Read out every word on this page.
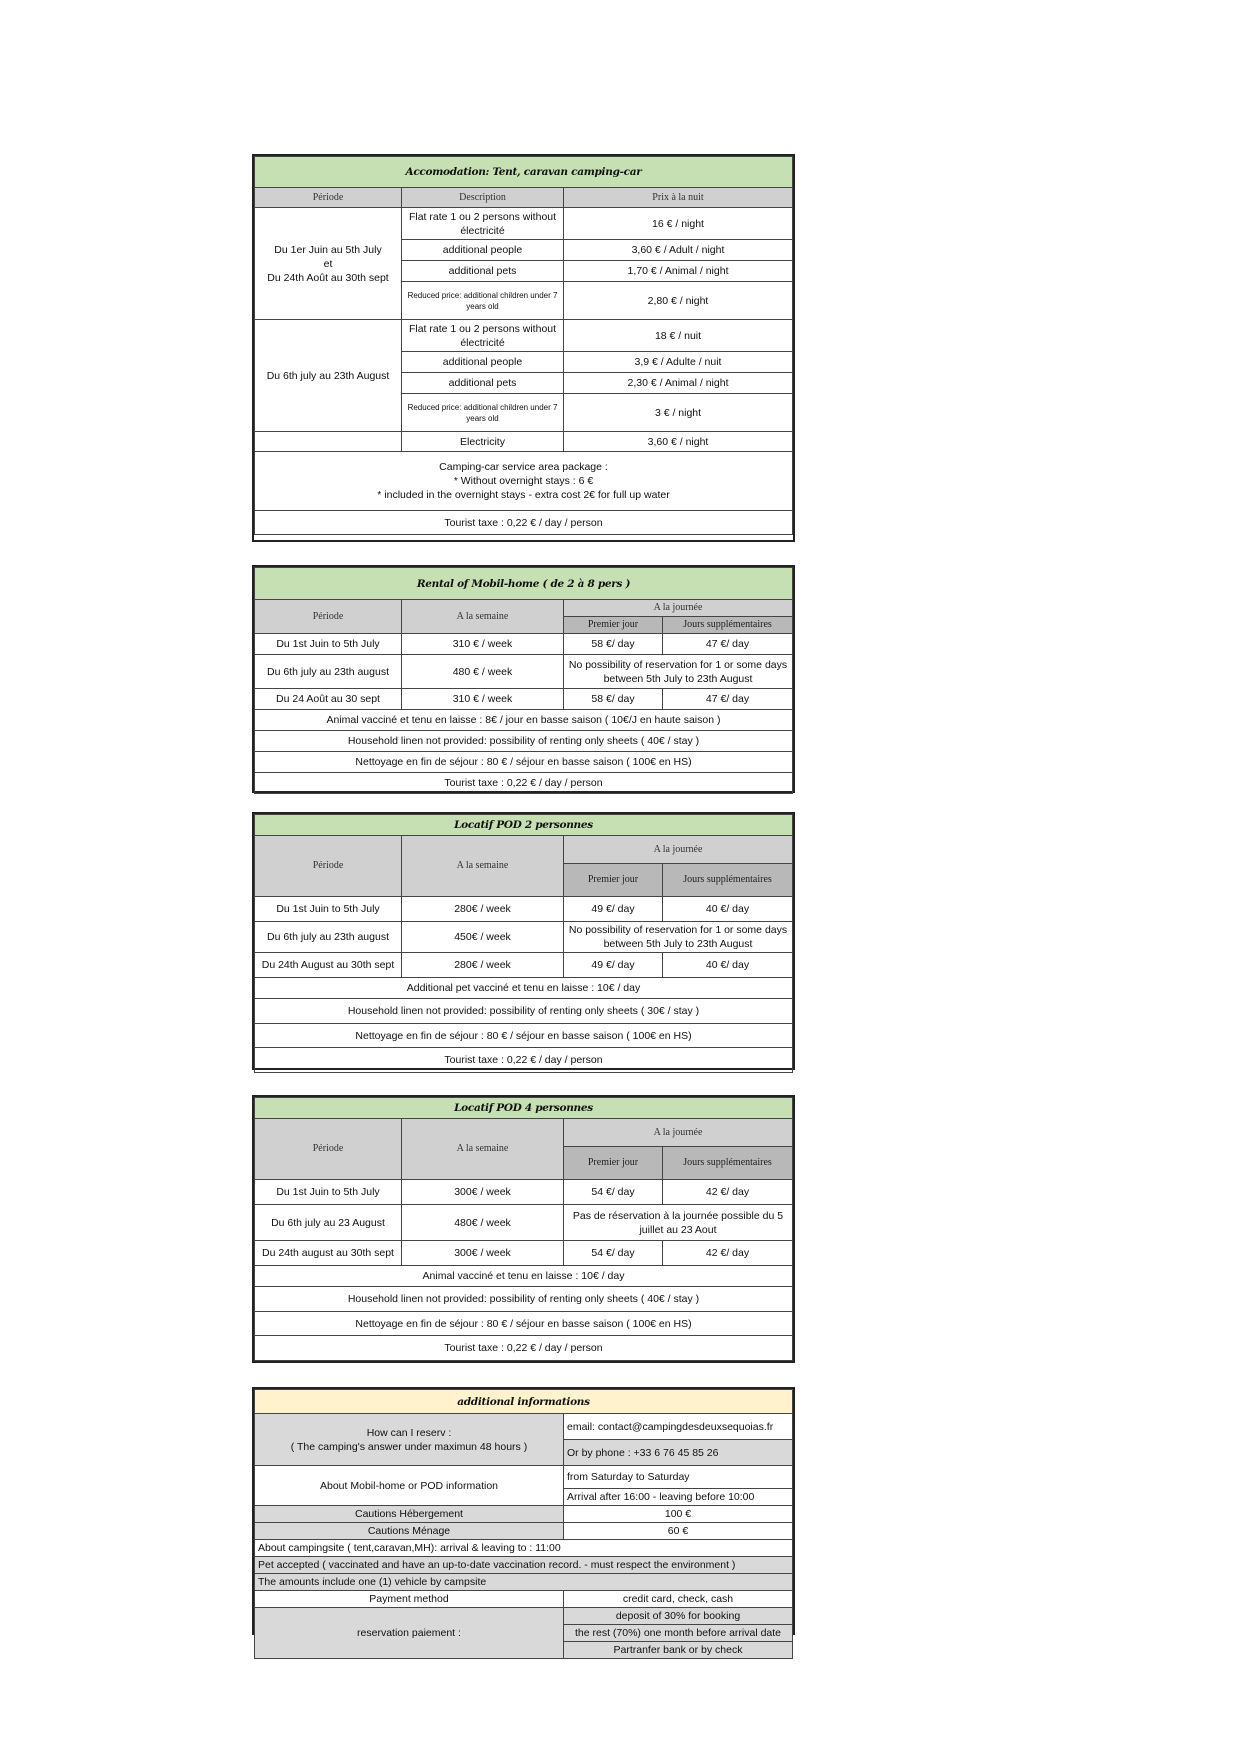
Accomodation: Tent, caravan camping-car		
Période	Description	Prix à la nuit

Du 1er Juin au 5th July
et
Du 24th Août au 30th sept	Flat rate 1 ou 2 persons without électricité	16 € / night
	additional people	3,60 € / Adult / night
	additional pets	1,70 € / Animal / night
	Reduced price: additional children under 7 years old	2,80 € / night
Du 6th july au 23th August	Flat rate 1 ou 2 persons without électricité	18 € / nuit
	additional people	3,9 € / Adulte / nuit
	additional pets	2,30 € / Animal / night
	Reduced price: additional children under 7 years old	3 € / night
	Electricity	3,60 € / night

Camping-car service area package :
* Without overnight stays : 6 €
* included in the overnight stays - extra cost 2€ for full up water		

Tourist taxe : 0,22 € / day / person		
Rental of Mobil-home ( de 2 à 8 pers )			
Période	A la semaine	A la journée	
		Premier jour	Jours supplémentaires
Du 1st Juin to 5th July	310 € / week	58 €/ day	47 €/ day
Du 6th july au 23th august	480 € / week	No possibility of reservation for 1 or some days between 5th July to 23th August	
Du 24 Août au 30 sept	310 € / week	58 €/ day	47 €/ day
Animal vacciné et tenu en laisse : 8€ / jour en basse saison ( 10€/J en haute saison )			
Household linen not provided: possibility of renting only sheets ( 40€ / stay )			
Nettoyage en fin de séjour : 80 € / séjour en basse saison ( 100€ en HS)			
Tourist taxe : 0,22 € / day / person			
Locatif POD 2 personnes			
Période	A la semaine	A la journée	
		Premier jour	Jours supplémentaires
Du 1st Juin to 5th July	280€ / week	49 €/ day	40 €/ day
Du 6th july au 23th august	450€ / week	No possibility of reservation for 1 or some days between 5th July to 23th August	
Du 24th August au 30th sept	280€ / week	49 €/ day	40 €/ day
Additional pet vacciné et tenu en laisse : 10€ / day			
Household linen not provided: possibility of renting only sheets ( 30€ / stay )			
Nettoyage en fin de séjour : 80 € / séjour en basse saison ( 100€ en HS)			
Tourist taxe : 0,22 € / day / person			
Locatif POD 4 personnes			
Période	A la semaine	A la journée	
		Premier jour	Jours supplémentaires
Du 1st Juin to 5th July	300€ / week	54 €/ day	42 €/ day
Du 6th july au 23 August	480€ / week	Pas de réservation à la journée possible du 5 juillet au 23 Aout	
Du 24th august au 30th sept	300€ / week	54 €/ day	42 €/ day
Animal vacciné et tenu en laisse : 10€ / day			
Household linen not provided: possibility of renting only sheets ( 40€ / stay )			
Nettoyage en fin de séjour : 80 € / séjour en basse saison ( 100€ en HS)			
Tourist taxe : 0,22 € / day / person			
additional informations	

How can I reserv :
( The camping's answer under maximun 48 hours )	email: contact@campingdesdeuxsequoias.fr
	Or by phone : +33 6 76 45 85 26
About Mobil-home or POD information	from Saturday to Saturday
	Arrival after 16:00 - leaving before 10:00
Cautions Hébergement	100 €
Cautions Ménage	60 €
About campingsite ( tent,caravan,MH): arrival & leaving to : 11:00	
Pet accepted ( vaccinated and have an up-to-date vaccination record. - must respect the environment )	
The amounts include one (1) vehicle by campsite	
Payment method	credit card, check, cash
reservation paiement :	deposit of 30% for booking
	the rest (70%) one month before arrival date
	Partranfer bank or by check
